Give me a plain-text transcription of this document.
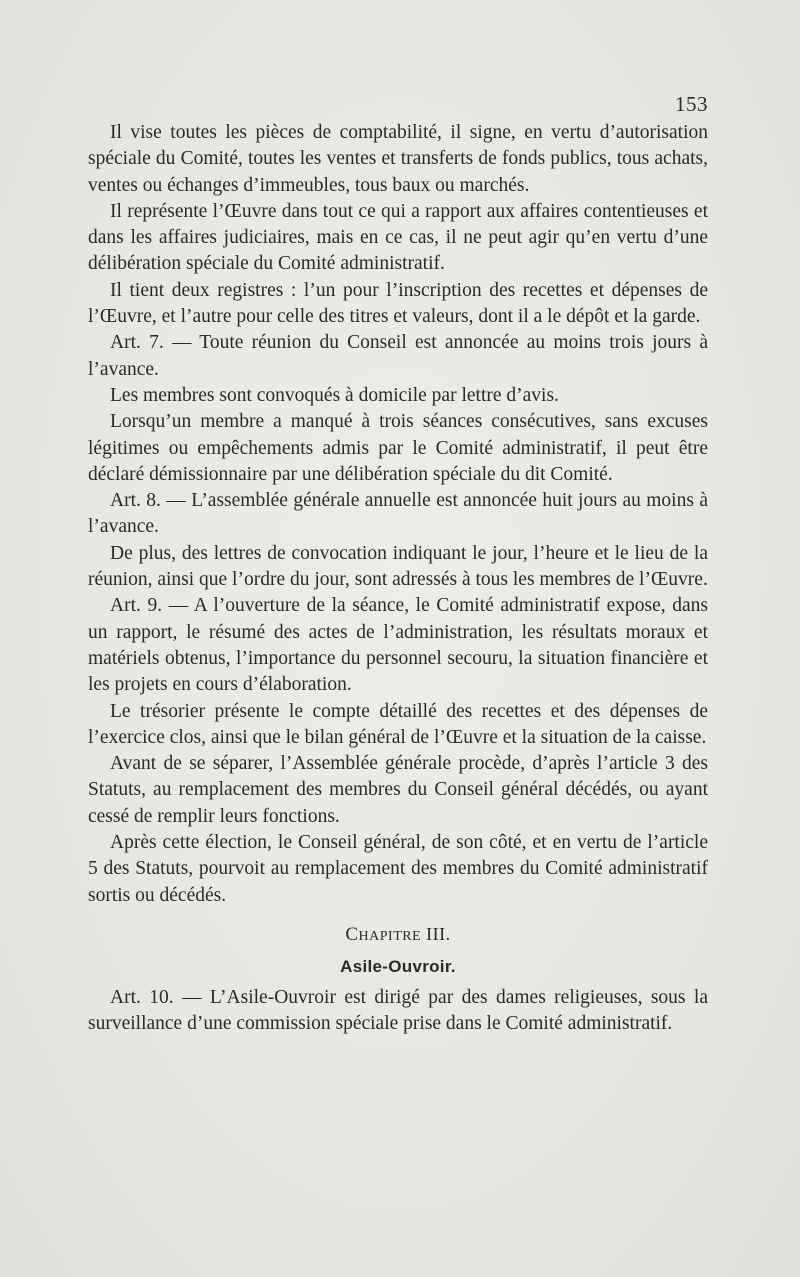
153

Il vise toutes les pièces de comptabilité, il signe, en vertu d’autorisation spéciale du Comité, toutes les ventes et transferts de fonds publics, tous achats, ventes ou échanges d’immeubles, tous baux ou marchés.

Il représente l’Œuvre dans tout ce qui a rapport aux affaires contentieuses et dans les affaires judiciaires, mais en ce cas, il ne peut agir qu’en vertu d’une délibération spéciale du Comité administratif.

Il tient deux registres : l’un pour l’inscription des recettes et dépenses de l’Œuvre, et l’autre pour celle des titres et valeurs, dont il a le dépôt et la garde.

Art. 7. — Toute réunion du Conseil est annoncée au moins trois jours à l’avance.

Les membres sont convoqués à domicile par lettre d’avis.

Lorsqu’un membre a manqué à trois séances consécutives, sans excuses légitimes ou empêchements admis par le Comité administratif, il peut être déclaré démissionnaire par une délibération spéciale du dit Comité.

Art. 8. — L’assemblée générale annuelle est annoncée huit jours au moins à l’avance.

De plus, des lettres de convocation indiquant le jour, l’heure et le lieu de la réunion, ainsi que l’ordre du jour, sont adressés à tous les membres de l’Œuvre.

Art. 9. — A l’ouverture de la séance, le Comité administratif expose, dans un rapport, le résumé des actes de l’administration, les résultats moraux et matériels obtenus, l’importance du personnel secouru, la situation financière et les projets en cours d’élaboration.

Le trésorier présente le compte détaillé des recettes et des dépenses de l’exercice clos, ainsi que le bilan général de l’Œuvre et la situation de la caisse.

Avant de se séparer, l’Assemblée générale procède, d’après l’article 3 des Statuts, au remplacement des membres du Conseil général décédés, ou ayant cessé de remplir leurs fonctions.

Après cette élection, le Conseil général, de son côté, et en vertu de l’article 5 des Statuts, pourvoit au remplacement des membres du Comité administratif sortis ou décédés.

CHAPITRE III.

Asile-Ouvroir.

Art. 10. — L’Asile-Ouvroir est dirigé par des dames religieuses, sous la surveillance d’une commission spéciale prise dans le Comité administratif.
